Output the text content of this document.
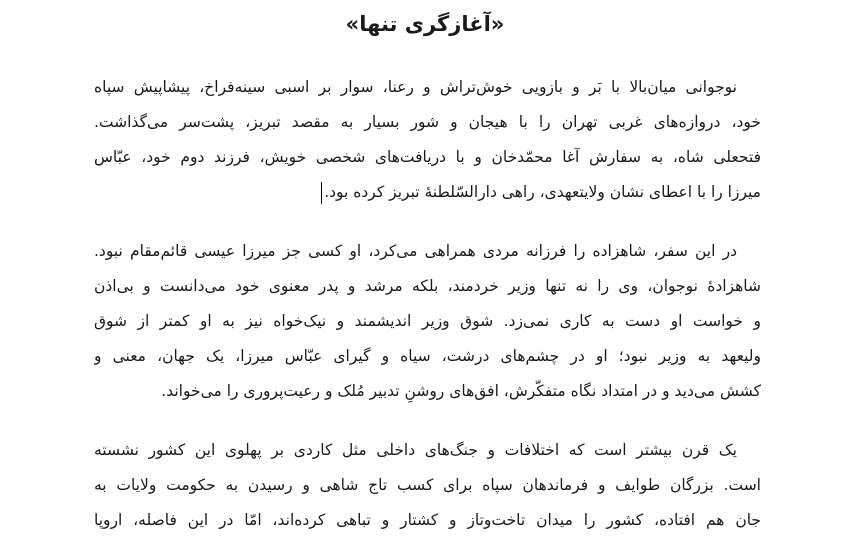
«آغازگری تنها»
نوجوانی میان‌بالا با بَر و بازویی خوش‌تراش و رعنا، سوار بر اسبی سینه‌فراخ، پیشاپیش سپاه
خود، دروازه‌های غربی تهران را با هیجان و شور بسیار به مقصد تبریز، پشت‌سر می‌گذاشت.
فتحعلی شاه، به سفارش آغا محمّدخان و با دریافت‌های شخصی خویش، فرزند دوم خود، عبّاس
میرزا را با اعطای نشان ولایتعهدی، راهی دارالسّلطنۀ تبریز کرده بود.
در این سفر، شاهزاده را فرزانه مردی همراهی می‌کرد، او کسی جز میرزا عیسی قائم‌مقام نبود.
شاهزادۀ نوجوان، وی را نه تنها وزیر خردمند، بلکه مرشد و پدر معنوی خود می‌دانست و بی‌اذن
و خواست او دست به کاری نمی‌زد. شوق وزیر اندیشمند و نیک‌خواه نیز به او کمتر از شوق
ولیعهد به وزیر نبود؛ او در چشم‌های درشت، سیاه و گیرای عبّاس میرزا، یک جهان، معنی و
کشش می‌دید و در امتداد نگاه متفکّرش، افق‌های روشنِ تدبیر مُلک و رعیت‌پروری را می‌خواند.
یک قرن بیشتر است که اختلافات و جنگ‌های داخلی مثل کاردی بر پهلوی این کشور نشسته
است. بزرگان طوایف و فرماندهان سپاه برای کسب تاج شاهی و رسیدن به حکومت ولایات به
جان هم افتاده، کشور را میدان تاخت‌وتاز و کشتار و تباهی کرده‌اند، امّا در این فاصله، اروپا
